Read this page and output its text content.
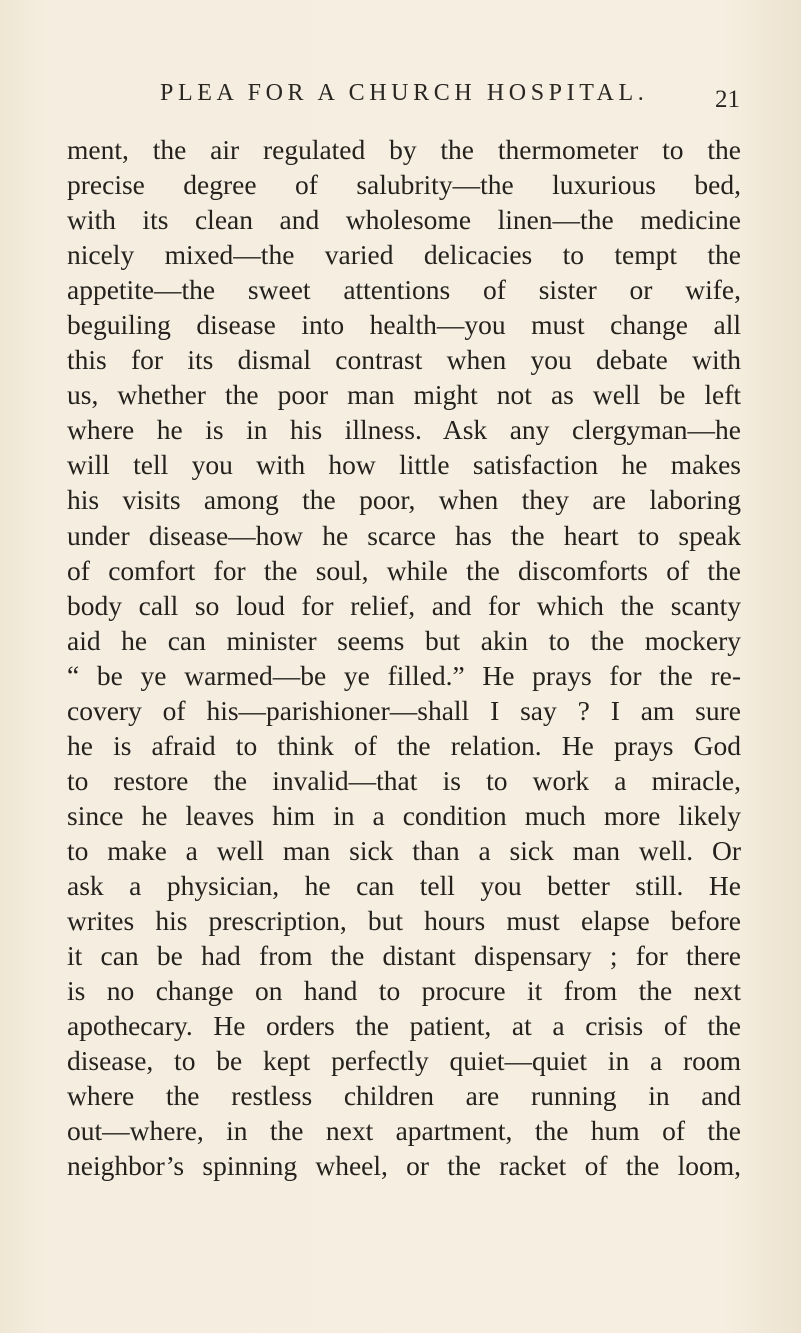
PLEA FOR A CHURCH HOSPITAL.	21
ment, the air regulated by the thermometer to the
precise degree of salubrity—the luxurious bed,
with its clean and wholesome linen—the medicine
nicely mixed—the varied delicacies to tempt the
appetite—the sweet attentions of sister or wife,
beguiling disease into health—you must change all
this for its dismal contrast when you debate with
us, whether the poor man might not as well be left
where he is in his illness. Ask any clergyman—he
will tell you with how little satisfaction he makes
his visits among the poor, when they are laboring
under disease—how he scarce has the heart to speak
of comfort for the soul, while the discomforts of the
body call so loud for relief, and for which the scanty
aid he can minister seems but akin to the mockery
“ be ye warmed—be ye filled.” He prays for the re-
covery of his—parishioner—shall I say ? I am sure
he is afraid to think of the relation. He prays God
to restore the invalid—that is to work a miracle,
since he leaves him in a condition much more likely
to make a well man sick than a sick man well. Or
ask a physician, he can tell you better still. He
writes his prescription, but hours must elapse before
it can be had from the distant dispensary ; for there
is no change on hand to procure it from the next
apothecary. He orders the patient, at a crisis of the
disease, to be kept perfectly quiet—quiet in a room
where the restless children are running in and
out—where, in the next apartment, the hum of the
neighbor’s spinning wheel, or the racket of the loom,
